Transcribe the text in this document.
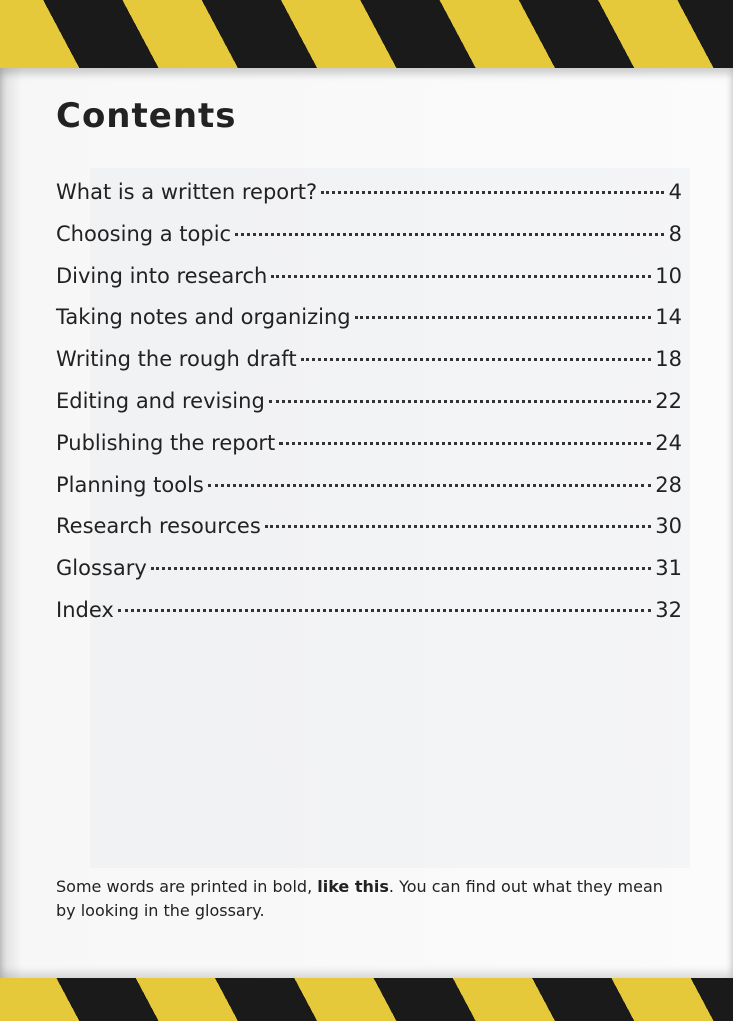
Contents
What is a written report?	4
Choosing a topic	8
Diving into research	10
Taking notes and organizing	14
Writing the rough draft	18
Editing and revising	22
Publishing the report	24
Planning tools	28
Research resources	30
Glossary	31
Index	32

Some words are printed in bold, like this. You can find out what they mean by looking in the glossary.
